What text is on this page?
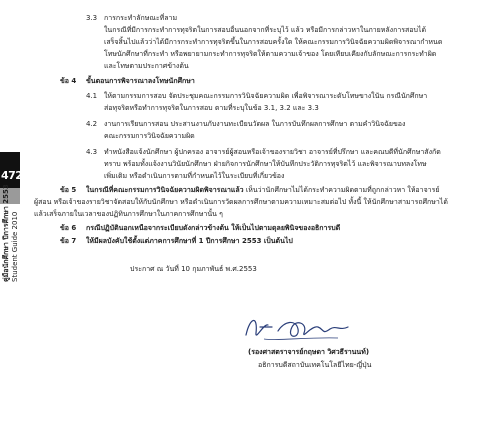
472
คู่มือนักศึกษา ปีการศึกษา 2553 Student Guide 2010
3.3 การกระทำลักษณะที่ลาม
ในกรณีที่มีการกระทำการทุจริตในการสอบอื่นนอกจากที่ระบุไว้ แล้ว หรือมีการกล่าวหาในภายหลังการสอบได้
เสร็จสิ้นไปแล้วว่าได้มีการกระทำการทุจริตขึ้นในการสอบครั้งใด ให้คณะกรรมการวินิจฉัยความผิดพิจารณากำหนด
โทษนักศึกษาที่กระทำ หรือพยายามกระทำการทุจริตให้ตามความเจ้าของ โดยเทียบเคียงกับลักษณะการกระทำผิด
และโทษตามประกาศข้างต้น
ข้อ 4 ขั้นตอนการพิจารณาลงโทษนักศึกษา
4.1 ให้ตามกรรมการสอบ จัดประชุมคณะกรรมการวินิจฉัยความผิด เพื่อพิจารณาระดับโทษขางในัน กรณีนักศึกษา
ส่อทุจริตหรือทำการทุจริตในการสอบ ตามที่ระบุในข้อ 3.1, 3.2 และ 3.3
4.2 งานการเรียนการสอน ประสานงานกับงานทะเบียนวัดผล ในการบันทึกผลการศึกษา ตามคำวินิจฉัยของ
คณะกรรมการวินิจฉัยความผิด
4.3 ทำหนังสือแจ้งนักศึกษา ผู้ปกครอง อาจารย์ผู้สอนหรือเจ้าของรายวิชา อาจารย์ที่ปรึกษา และคณบดีที่นักศึกษาสังกัด
ทราบ พร้อมทั้งแจ้งงานวินัยนักศึกษา ฝ่ายกิจการนักศึกษาให้บันทึกประวัติการทุจริตไว้ และพิจารณาบทลงโทษ
เพิ่มเติม หรือดำเนินการตามที่กำหนดไว้ในระเบียบที่เกี่ยวข้อง
ข้อ 5 ในกรณีที่คณะกรรมการวินิจฉัยความผิดพิจารณาแล้ว เห็นว่านักศึกษาไม่ได้กระทำความผิดตามที่ถูกกล่าวหา ให้อาจารย์
ผู้สอน หรือเจ้าของรายวิชาจัดสอบให้กับนักศึกษา หรือดำเนินการวัดผลการศึกษาตามความเหมาะสมต่อไป ทั้งนี้ ให้นักศึกษาสามารถศึกษาได้
แล้วเสร็จภายในเวลาของปฏิทินการศึกษาในภาคการศึกษานั้น ๆ
ข้อ 6 กรณีปฏิบัตินอกเหนือจากระเบียบดังกล่าวข้างต้น ให้เป็นไปตามดุลยพินิจของอธิการบดี
ข้อ 7 ให้มีผลบังคับใช้ตั้งแต่ภาคการศึกษาที่ 1 ปีการศึกษา 2553 เป็นต้นไป
ประกาศ ณ วันที่ 10 กุมภาพันธ์ พ.ศ.2553
(รองศาสตราจารย์กฤษดา วิศวธีรานนท์)
อธิการบดีสถาบันเทคโนโลยีไทย-ญี่ปุ่น
